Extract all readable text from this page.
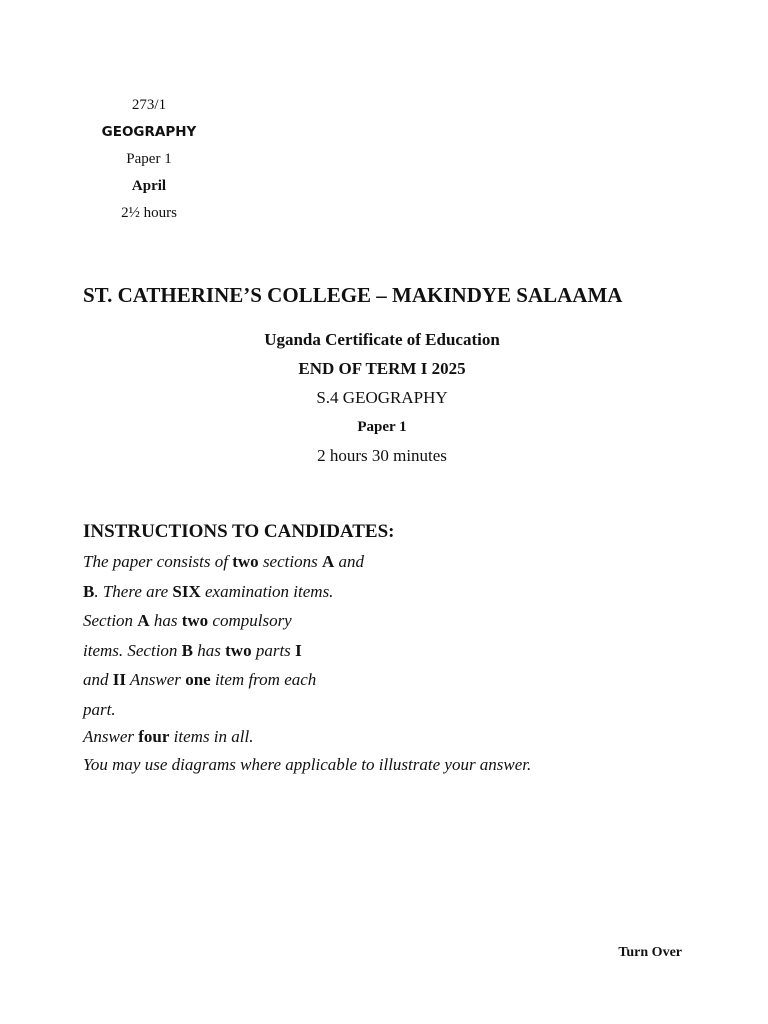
273/1
GEOGRAPHY
Paper 1
April
2½ hours
ST. CATHERINE’S COLLEGE – MAKINDYE SALAAMA
Uganda Certificate of Education
END OF TERM I 2025
S.4 GEOGRAPHY
Paper 1
2 hours 30 minutes
INSTRUCTIONS TO CANDIDATES:
The paper consists of two sections A and
B. There are SIX examination items.
Section A has two compulsory
items. Section B has two parts I
and II Answer one item from each
part.
Answer four items in all.
You may use diagrams where applicable to illustrate your answer.
Turn Over
